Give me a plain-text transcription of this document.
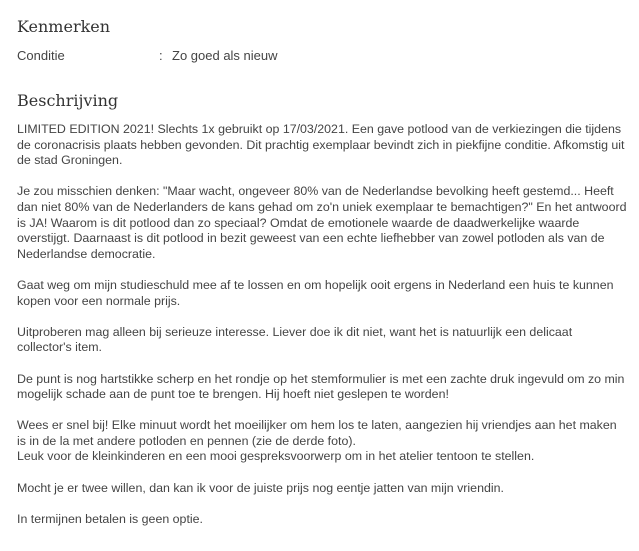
Kenmerken
Conditie	: Zo goed als nieuw
Beschrijving

LIMITED EDITION 2021! Slechts 1x gebruikt op 17/03/2021. Een gave potlood van de verkiezingen die tijdens de coronacrisis plaats hebben gevonden. Dit prachtig exemplaar bevindt zich in piekfijne conditie. Afkomstig uit de stad Groningen.

Je zou misschien denken: "Maar wacht, ongeveer 80% van de Nederlandse bevolking heeft gestemd... Heeft dan niet 80% van de Nederlanders de kans gehad om zo'n uniek exemplaar te bemachtigen?" En het antwoord is JA! Waarom is dit potlood dan zo speciaal? Omdat de emotionele waarde de daadwerkelijke waarde overstijgt. Daarnaast is dit potlood in bezit geweest van een echte liefhebber van zowel potloden als van de Nederlandse democratie.

Gaat weg om mijn studieschuld mee af te lossen en om hopelijk ooit ergens in Nederland een huis te kunnen kopen voor een normale prijs.

Uitproberen mag alleen bij serieuze interesse. Liever doe ik dit niet, want het is natuurlijk een delicaat collector's item.

De punt is nog hartstikke scherp en het rondje op het stemformulier is met een zachte druk ingevuld om zo min mogelijk schade aan de punt toe te brengen. Hij hoeft niet geslepen te worden!

Wees er snel bij! Elke minuut wordt het moeilijker om hem los te laten, aangezien hij vriendjes aan het maken is in de la met andere potloden en pennen (zie de derde foto).
Leuk voor de kleinkinderen en een mooi gespreksvoorwerp om in het atelier tentoon te stellen.

Mocht je er twee willen, dan kan ik voor de juiste prijs nog eentje jatten van mijn vriendin.

In termijnen betalen is geen optie.
